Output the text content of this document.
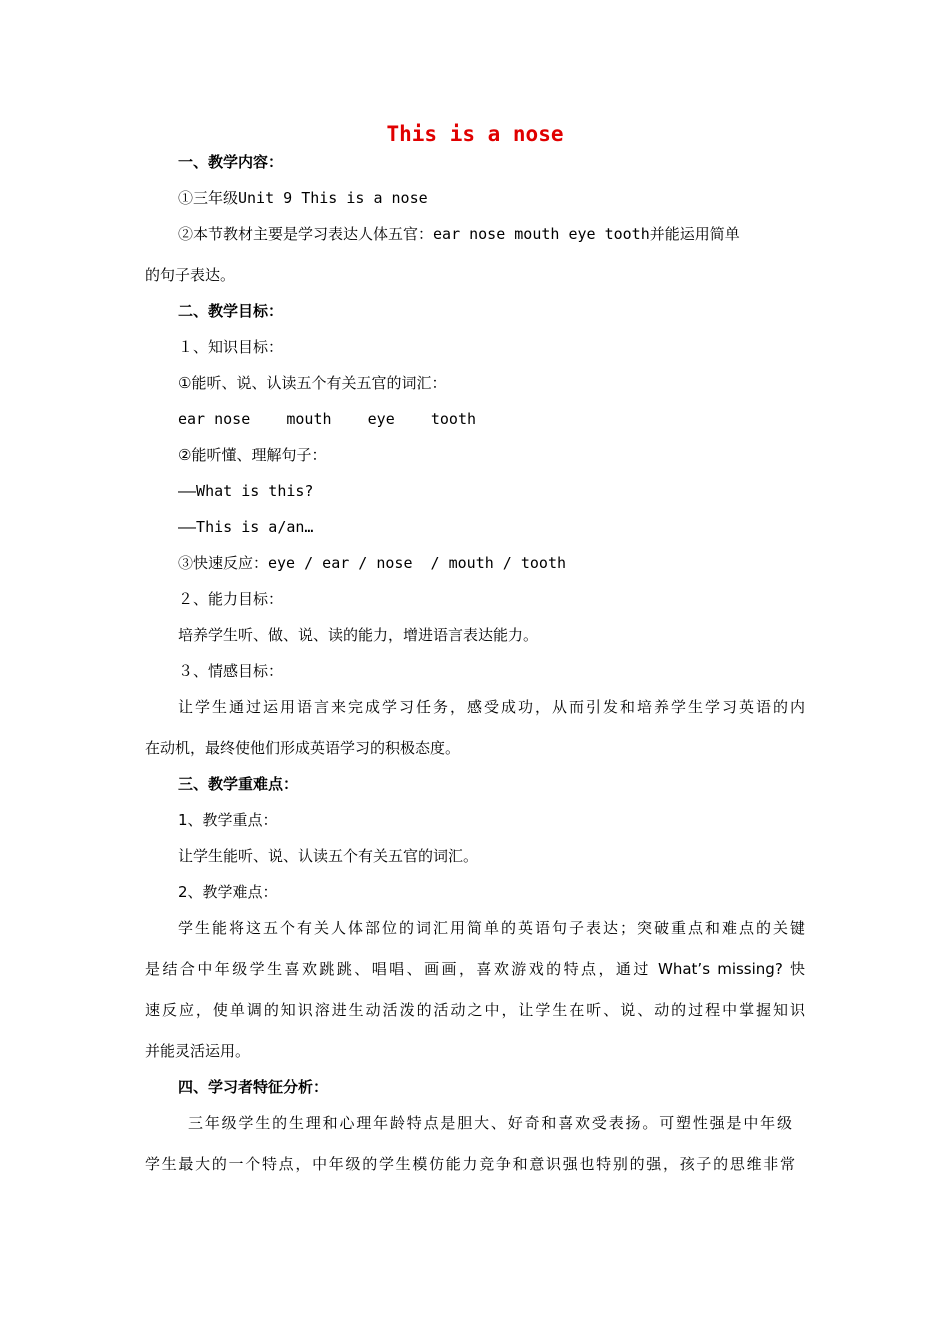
This is a nose
一、教学内容：
①三年级Unit 9 This is a nose
②本节教材主要是学习表达人体五官：ear nose mouth eye tooth并能运用简单
的句子表达。
二、教学目标：
１、知识目标：
①能听、说、认读五个有关五官的词汇：
ear nose    mouth    eye    tooth
②能听懂、理解句子：
——What is this?
——This is a/an…
③快速反应：eye / ear / nose  / mouth / tooth
２、能力目标：
培养学生听、做、说、读的能力，增进语言表达能力。
３、情感目标：
让学生通过运用语言来完成学习任务，感受成功，从而引发和培养学生学习英语的内
在动机，最终使他们形成英语学习的积极态度。
三、教学重难点：
1、教学重点：
让学生能听、说、认读五个有关五官的词汇。
2、教学难点：
学生能将这五个有关人体部位的词汇用简单的英语句子表达；突破重点和难点的关键
是结合中年级学生喜欢跳跳、唱唱、画画，喜欢游戏的特点，通过 What’s missing? 快
速反应，使单调的知识溶进生动活泼的活动之中，让学生在听、说、动的过程中掌握知识
并能灵活运用。
四、学习者特征分析：
三年级学生的生理和心理年龄特点是胆大、好奇和喜欢受表扬。可塑性强是中年级
学生最大的一个特点，中年级的学生模仿能力竞争和意识强也特别的强，孩子的思维非常
